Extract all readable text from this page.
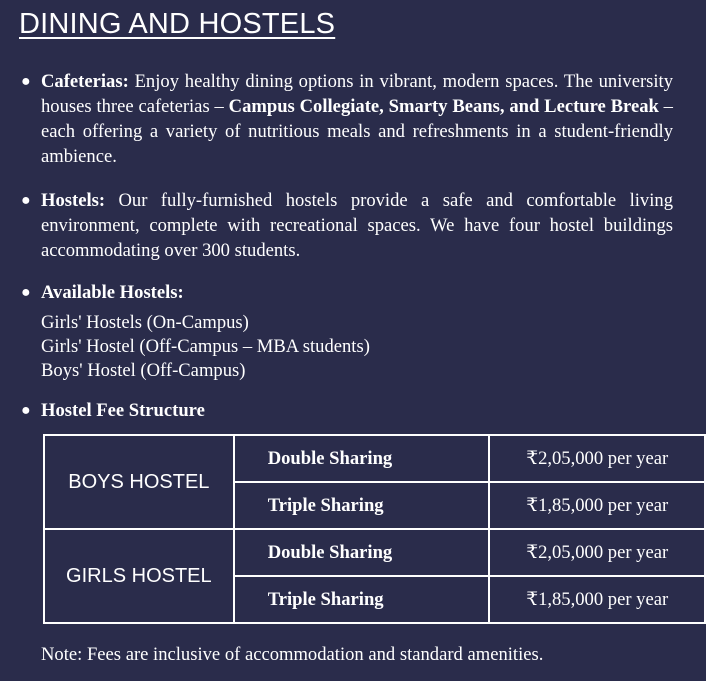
DINING AND HOSTELS
● Cafeterias: Enjoy healthy dining options in vibrant, modern spaces. The university houses three cafeterias – Campus Collegiate, Smarty Beans, and Lecture Break – each offering a variety of nutritious meals and refreshments in a student-friendly ambience.
● Hostels: Our fully-furnished hostels provide a safe and comfortable living environment, complete with recreational spaces. We have four hostel buildings accommodating over 300 students.
● Available Hostels:
Girls' Hostels (On-Campus)
Girls' Hostel (Off-Campus – MBA students)
Boys' Hostel (Off-Campus)
● Hostel Fee Structure
BOYS HOSTEL	Double Sharing	₹2,05,000 per year
	Triple Sharing	₹1,85,000 per year
GIRLS HOSTEL	Double Sharing	₹2,05,000 per year
	Triple Sharing	₹1,85,000 per year
Note: Fees are inclusive of accommodation and standard amenities.
